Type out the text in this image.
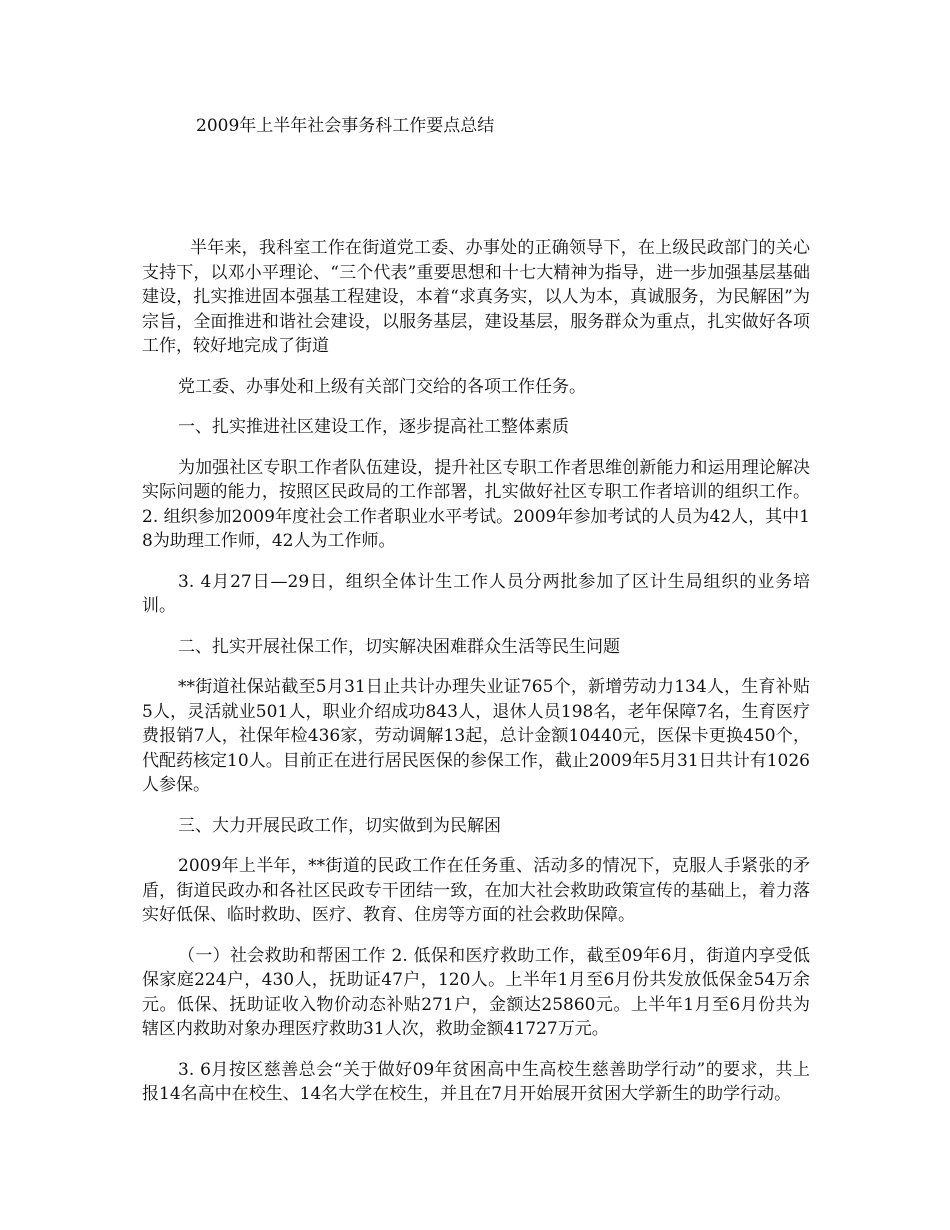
2009年上半年社会事务科工作要点总结

半年来，我科室工作在街道党工委、办事处的正确领导下，在上级民政部门的关心支持下，以邓小平理论、“三个代表”重要思想和十七大精神为指导，进一步加强基层基础建设，扎实推进固本强基工程建设，本着“求真务实，以人为本，真诚服务，为民解困”为宗旨，全面推进和谐社会建设，以服务基层，建设基层，服务群众为重点，扎实做好各项工作，较好地完成了街道

党工委、办事处和上级有关部门交给的各项工作任务。

一、扎实推进社区建设工作，逐步提高社工整体素质

为加强社区专职工作者队伍建设，提升社区专职工作者思维创新能力和运用理论解决实际问题的能力，按照区民政局的工作部署，扎实做好社区专职工作者培训的组织工作。2. 组织参加2009年度社会工作者职业水平考试。2009年参加考试的人员为42人，其中18为助理工作师，42人为工作师。

3. 4月27日—29日，组织全体计生工作人员分两批参加了区计生局组织的业务培训。

二、扎实开展社保工作，切实解决困难群众生活等民生问题

**街道社保站截至5月31日止共计办理失业证765个，新增劳动力134人，生育补贴5人，灵活就业501人，职业介绍成功843人，退休人员198名，老年保障7名，生育医疗费报销7人，社保年检436家，劳动调解13起，总计金额10440元，医保卡更换450个，代配药核定10人。目前正在进行居民医保的参保工作，截止2009年5月31日共计有1026人参保。

三、大力开展民政工作，切实做到为民解困

2009年上半年，**街道的民政工作在任务重、活动多的情况下，克服人手紧张的矛盾，街道民政办和各社区民政专干团结一致，在加大社会救助政策宣传的基础上，着力落实好低保、临时救助、医疗、教育、住房等方面的社会救助保障。

（一）社会救助和帮困工作 2. 低保和医疗救助工作，截至09年6月，街道内享受低保家庭224户，430人，抚助证47户，120人。上半年1月至6月份共发放低保金54万余元。低保、抚助证收入物价动态补贴271户，金额达25860元。上半年1月至6月份共为辖区内救助对象办理医疗救助31人次，救助金额41727万元。

3. 6月按区慈善总会“关于做好09年贫困高中生高校生慈善助学行动”的要求，共上报14名高中在校生、14名大学在校生，并且在7月开始展开贫困大学新生的助学行动。
